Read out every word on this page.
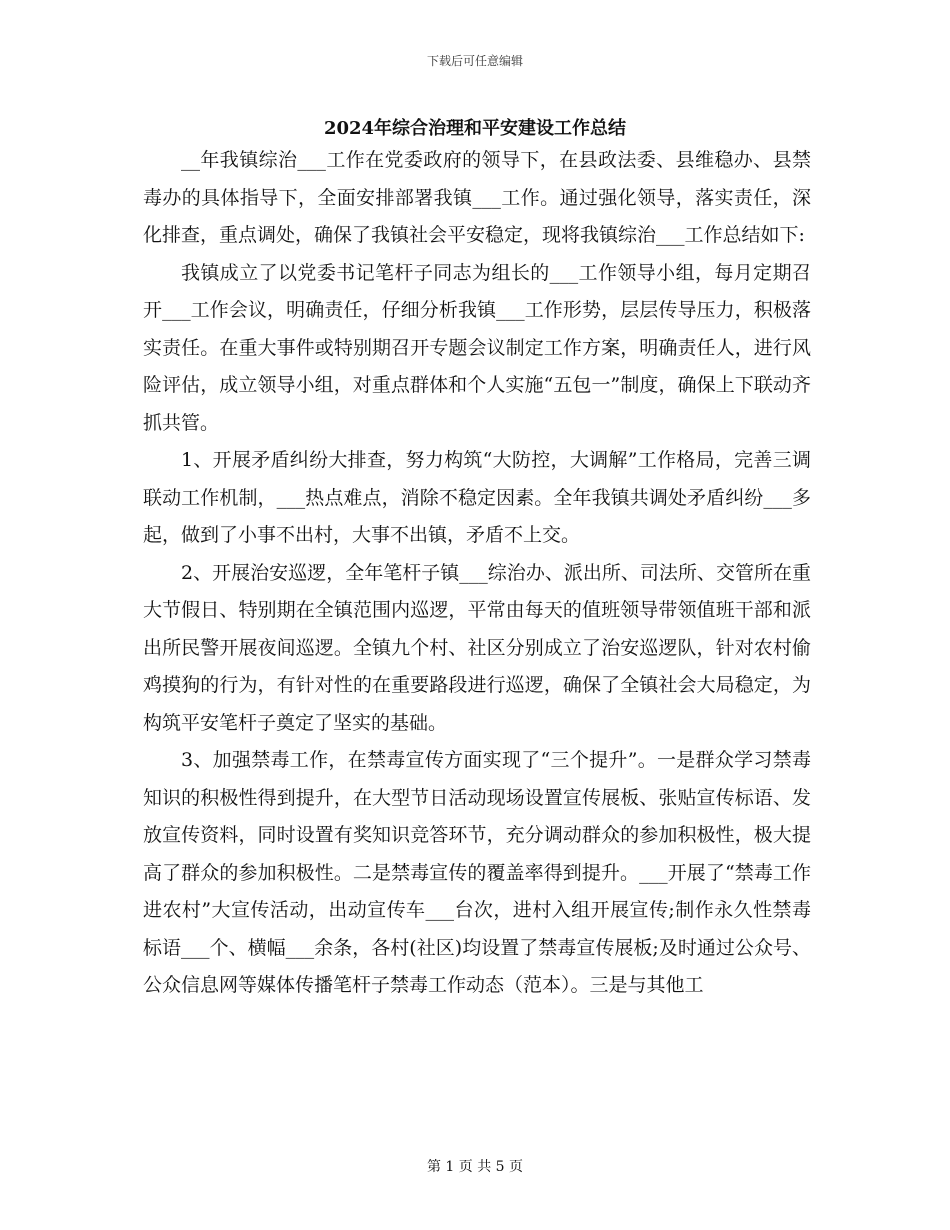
下载后可任意编辑
2024年综合治理和平安建设工作总结

__年我镇综治___工作在党委政府的领导下，在县政法委、县维稳办、县禁毒办的具体指导下，全面安排部署我镇___工作。通过强化领导，落实责任，深化排查，重点调处，确保了我镇社会平安稳定，现将我镇综治___工作总结如下:

我镇成立了以党委书记笔杆子同志为组长的___工作领导小组，每月定期召开___工作会议，明确责任，仔细分析我镇___工作形势，层层传导压力，积极落实责任。在重大事件或特别期召开专题会议制定工作方案，明确责任人，进行风险评估，成立领导小组，对重点群体和个人实施“五包一”制度，确保上下联动齐抓共管。

1、开展矛盾纠纷大排查，努力构筑“大防控，大调解”工作格局，完善三调联动工作机制，___热点难点，消除不稳定因素。全年我镇共调处矛盾纠纷___多起，做到了小事不出村，大事不出镇，矛盾不上交。

2、开展治安巡逻，全年笔杆子镇___综治办、派出所、司法所、交管所在重大节假日、特别期在全镇范围内巡逻，平常由每天的值班领导带领值班干部和派出所民警开展夜间巡逻。全镇九个村、社区分别成立了治安巡逻队，针对农村偷鸡摸狗的行为，有针对性的在重要路段进行巡逻，确保了全镇社会大局稳定，为构筑平安笔杆子奠定了坚实的基础。

3、加强禁毒工作，在禁毒宣传方面实现了“三个提升”。一是群众学习禁毒知识的积极性得到提升，在大型节日活动现场设置宣传展板、张贴宣传标语、发放宣传资料，同时设置有奖知识竞答环节，充分调动群众的参加积极性，极大提高了群众的参加积极性。二是禁毒宣传的覆盖率得到提升。___开展了“禁毒工作进农村”大宣传活动，出动宣传车___台次，进村入组开展宣传;制作永久性禁毒标语___个、横幅___余条，各村(社区)均设置了禁毒宣传展板;及时通过公众号、公众信息网等媒体传播笔杆子禁毒工作动态（范本）。三是与其他工

第 1 页 共 5 页
